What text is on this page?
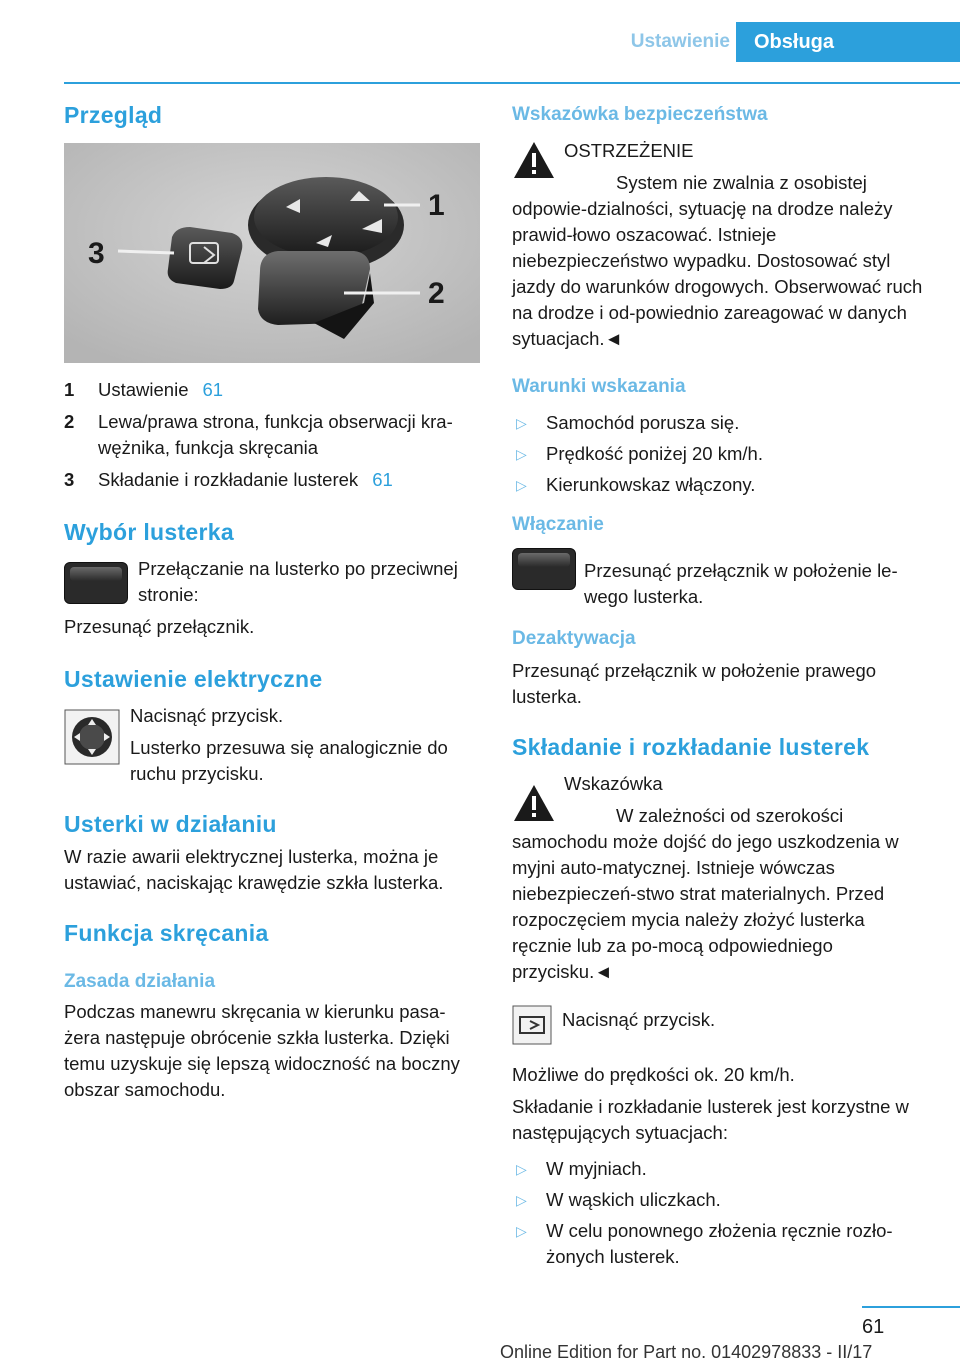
Ustawienie	Obsługa
Przegląd
1
2
3
1	Ustawienie 61
2	Lewa/prawa strona, funkcja obserwacji kra-wężnika, funkcja skręcania
3	Składanie i rozkładanie lusterek 61
Wybór lusterka

Przełączanie na lusterko po przeciwnej stronie:

Przesunąć przełącznik.

Ustawienie elektryczne

Nacisnąć przycisk.

Lusterko przesuwa się analogicznie do ruchu przycisku.

Usterki w działaniu

W razie awarii elektrycznej lusterka, można je ustawiać, naciskając krawędzie szkła lusterka.

Funkcja skręcania
Zasada działania

Podczas manewru skręcania w kierunku pasa-żera następuje obrócenie szkła lusterka. Dzięki temu uzyskuje się lepszą widoczność na boczny obszar samochodu.

Wskazówka bezpieczeństwa

OSTRZEŻENIE

System nie zwalnia z osobistej odpowie-dzialności, sytuację na drodze należy prawid-łowo oszacować. Istnieje niebezpieczeństwo wypadku. Dostosować styl jazdy do warunków drogowych. Obserwować ruch na drodze i od-powiednio zareagować w danych sytuacjach.◄

Warunki wskazania
▷	Samochód porusza się.
▷	Prędkość poniżej 20 km/h.
▷	Kierunkowskaz włączony.
Włączanie

Przesunąć przełącznik w położenie le-wego lusterka.

Dezaktywacja

Przesunąć przełącznik w położenie prawego lusterka.

Składanie i rozkładanie lusterek

Wskazówka

W zależności od szerokości samochodu może dojść do jego uszkodzenia w myjni auto-matycznej. Istnieje wówczas niebezpieczeń-stwo strat materialnych. Przed rozpoczęciem mycia należy złożyć lusterka ręcznie lub za po-mocą odpowiedniego przycisku.◄

Nacisnąć przycisk.

Możliwe do prędkości ok. 20 km/h.

Składanie i rozkładanie lusterek jest korzystne w następujących sytuacjach:

▷	W myjniach.
▷	W wąskich uliczkach.
▷	W celu ponownego złożenia ręcznie rozło-żonych lusterek.
61
Online Edition for Part no. 01402978833 - II/17
